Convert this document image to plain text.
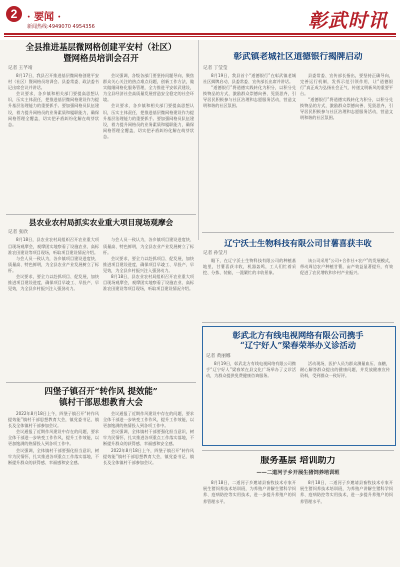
2 · 要闻 ·	彰武时讯
新闻热线:4949070 4954356
全县推进基层微网格创建平安村（社区）
暨网格员培训会召开
记者 王芊靖

8月17日，我县召开推进基层微网格创建平安村（社区）暨网格员培训会。县委常委、政法委书记出席会议并讲话。

会议要求，各乡镇和相关部门要提高思想认识，压实主体责任，把推进基层微网格建设作为提升基层治理能力的重要抓手。要加强网格员队伍建设，着力提升网格员的业务素质和履职能力，确保网格管理全覆盖，切实把矛盾纠纷化解在萌芽状态。

会议强调，各级各部门要坚持问题导向，聚焦群众关心关注的热点难点问题，创新工作方法，做实做细网格化服务管理，全力推进平安彰武建设，为全县经济社会高质量发展营造安全稳定的社会环境。

会议要求，各乡镇和相关部门要提高思想认识，压实主体责任，把推进基层微网格建设作为提升基层治理能力的重要抓手。要加强网格员队伍建设，着力提升网格员的业务素质和履职能力，确保网格管理全覆盖，切实把矛盾纠纷化解在萌芽状态。

彰武镇老城社区道德银行揭牌启动
记者 丁莹莹

8月19日，我县首个“道德银行”在彰武镇老城社区揭牌启动，县委常委、宣传部长出席并讲话。

“道德银行”将道德实践转化为积分，以积分兑换物品的方式，激励群众崇德向善、见贤思齐，引导居民积极参与社区治理和志愿服务活动，营造文明和谐的社区氛围。

县委常委、宣传部长指出，要坚持正确导向，完善运行机制，发挥示范引领作用，让“道德银行”真正成为弘扬社会正气、传递文明新风的重要平台。

“道德银行”将道德实践转化为积分，以积分兑换物品的方式，激励群众崇德向善、见贤思齐，引导居民积极参与社区治理和志愿服务活动，营造文明和谐的社区氛围。

县农业农村局抓实农业重大项目现场观摩会
记者 张欣

8月18日，县农业农村局组织召开农业重大项目现场观摩会，观摩团实地察看了设施农业、高标准农田建设等项目现场，听取项目建设情况介绍。

与会人员一致认为，各乡镇项目建设进度快、质量高、特色鲜明，为全县农业产业发展树立了标杆。

会议要求，要全力以赴抓项目、促发展，加快推进项目建设进度，确保项目早竣工、早投产、早见效，为全县乡村振兴注入强劲动力。

与会人员一致认为，各乡镇项目建设进度快、质量高、特色鲜明，为全县农业产业发展树立了标杆。

会议要求，要全力以赴抓项目、促发展，加快推进项目建设进度，确保项目早竣工、早投产、早见效，为全县乡村振兴注入强劲动力。

8月18日，县农业农村局组织召开农业重大项目现场观摩会，观摩团实地察看了设施农业、高标准农田建设等项目现场，听取项目建设情况介绍。

辽宁沃士生物科技有限公司甘薯喜获丰收
记者 孙莹月

眼下，在辽宁沃士生物科技有限公司的种植基地里，甘薯喜获丰收，机器轰鸣，工人们忙着采挖、分拣、装箱，一派繁忙的丰收景象。

该公司采用“公司+合作社+农户”的发展模式，带动周边农户种植甘薯，亩产效益显著提升，有效促进了农民增收和乡村产业振兴。

彰武北方有线电视网络有限公司携手
“辽宁好人”梁春荣举办义诊活动
记者 黄丽娜

8月19日，彰武北方有线电视网络有限公司携手“辽宁好人”梁春荣在县文化广场举办了义诊活动，为群众提供免费健康咨询服务。

活动现场，医护人员为群众测量血压、血糖，耐心解答群众提出的健康问题，并发放健康宣传资料，受到群众一致好评。

四堡子镇召开“转作风 提效能”
镇村干部思想教育大会

2022年8月18日上午，四堡子镇召开“转作风 提效能”镇村干部思想教育大会，镇党委书记、镇长及全体镇村干部参加会议。

会议通报了近期作风建设中存在的问题，要求全体干部进一步转变工作作风，提升工作效能，以更加饱满的热情投入到各项工作中。

会议强调，全体镇村干部要强化担当意识，树牢为民情怀，扎实推进各项重点工作落实落地，不断提升群众的获得感、幸福感和安全感。

会议通报了近期作风建设中存在的问题，要求全体干部进一步转变工作作风，提升工作效能，以更加饱满的热情投入到各项工作中。

会议强调，全体镇村干部要强化担当意识，树牢为民情怀，扎实推进各项重点工作落实落地，不断提升群众的获得感、幸福感和安全感。

2022年8月18日上午，四堡子镇召开“转作风 提效能”镇村干部思想教育大会，镇党委书记、镇长及全体镇村干部参加会议。	服务基层 培训助力
——二道河子乡开展生猪饲养培训班

8月18日，二道河子乡邀请县畜牧技术专家开展生猪饲养技术培训班，为养殖户讲解生猪科学饲养、疫病防控等实用技术，进一步提升养殖户的饲养管理水平。

8月18日，二道河子乡邀请县畜牧技术专家开展生猪饲养技术培训班，为养殖户讲解生猪科学饲养、疫病防控等实用技术，进一步提升养殖户的饲养管理水平。
